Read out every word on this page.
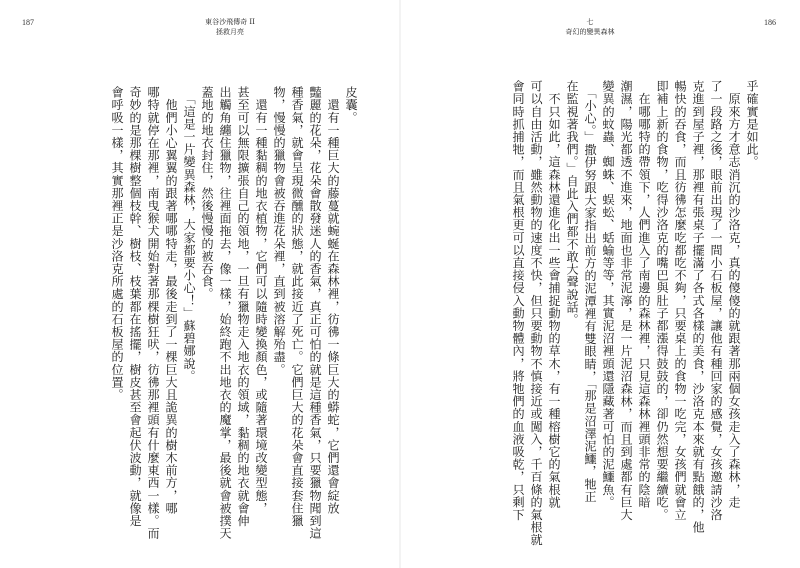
187	東谷沙飛傳奇 II
拯救月亮

皮囊。

　還有一種巨大的藤蔓就蜿蜒在森林裡，彷彿一條巨大的蟒蛇，它們還會綻放

豔麗的花朵，花朵會散發迷人的香氣，真正可怕的就是這種香氣，只要獵物聞到這

種香氣，就會呈現微醺的狀態，就此接近了死亡。它們巨大的花朵會直接套住獵

物，慢慢的獵物會被吞進花朵裡，直到被溶解殆盡。

　還有一種黏稠的地衣植物，它們可以隨時變換顏色，或隨著環境改變型態，

甚至可以無限擴張自己的領地，一旦有獵物走入地衣的領域，黏稠的地衣就會伸

出觸角纏住獵物，往裡面拖去，像一樣，始終跑不出地衣的魔掌，最後就會被撲天

蓋地的地衣封住，然後慢慢的被吞食。

　「這是一片變異森林，大家都要小心！」蘇碧娜說。

　他們小心翼翼的跟著哪哪特走，最後走到了一棵巨大且詭異的樹木前方，哪

哪特就停在那裡，南曳猴犬開始對著那棵樹狂吠，彷彿那裡頭有什麼東西一樣。而

奇妙的是那棵樹整個枝幹、樹枝、枝葉都在搖擺，樹皮甚至會起伏波動，就像是

會呼吸一樣，其實那裡正是沙洛克所處的石板屋的位置。

186
七
奇幻的變異森林

乎確實是如此。

　原來方才意志消沉的沙洛克，真的傻傻的就跟著那兩個女孩走入了森林，走

了一段路之後，眼前出現了一間小石板屋，讓他有種回家的感覺，女孩邀請沙洛

克進到屋子裡，那裡有張桌子擺滿了各式各樣的美食，沙洛克本來就有點餓的，他

暢快的吞食，而且彷彿怎麼吃都吃不夠，只要桌上的食物一吃完，女孩們就會立

即補上新的食物，吃得沙洛克的嘴巴與肚子都漲得鼓鼓的，卻仍然想要繼續吃。

　在哪哪特的帶領下，人們進入了南邊的森林裡，只見這森林裡頭非常的陰暗

潮濕，陽光都透不進來，地面也非常泥濘，是一片泥沼森林，而且到處都有巨大

變異的蚊蟲、蜘蛛、蜈蚣、蛞蝓等等，其實泥沼裡頭還隱藏著可怕的泥鱷魚。

　「小心。」撒伊努跟大家指出前方的泥潭裡有雙眼睛，「那是沼澤泥鱷，牠正

在監視著我們。」自此入們都不敢大聲說話。

　不只如此，這森林還進化出一些會捕捉動物的草木，有一種榕樹它的氣根就

可以自由活動，雖然動物的速度不快，但只要動物不慎接近或闖入，千百條的氣根就

會同時抓捕牠，而且氣根更可以直接侵入動物體內，將牠們的血液吸乾，只剩下
